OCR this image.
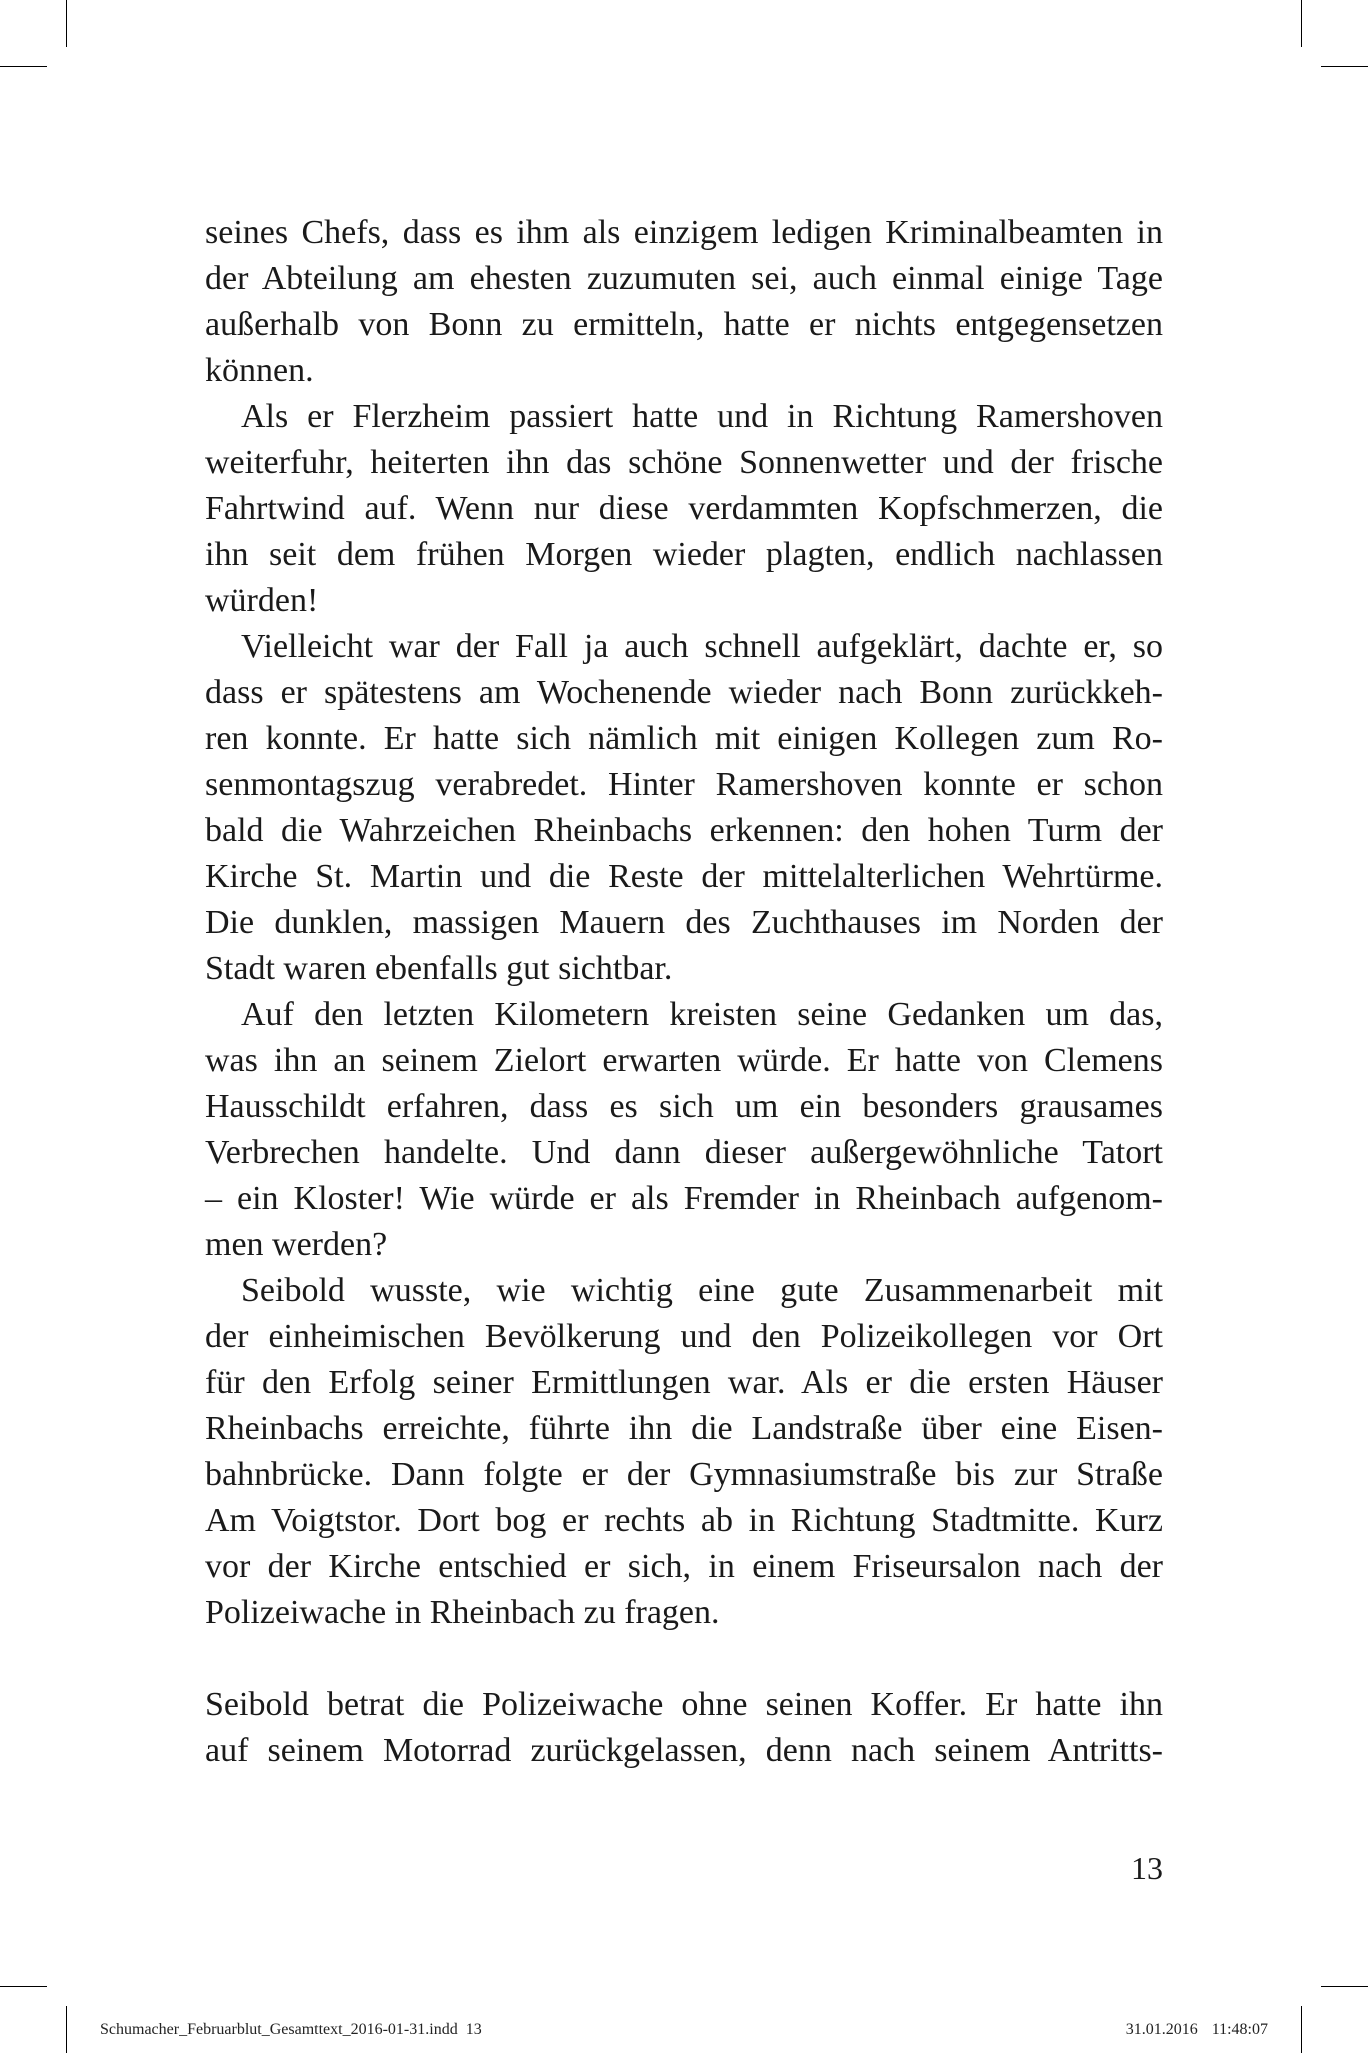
seines Chefs, dass es ihm als einzigem ledigen Kriminalbeamten in
der Abteilung am ehesten zuzumuten sei, auch einmal einige Tage
außerhalb von Bonn zu ermitteln, hatte er nichts entgegensetzen
können.
Als er Flerzheim passiert hatte und in Richtung Ramershoven
weiterfuhr, heiterten ihn das schöne Sonnenwetter und der frische
Fahrtwind auf. Wenn nur diese verdammten Kopfschmerzen, die
ihn seit dem frühen Morgen wieder plagten, endlich nachlassen
würden!
Vielleicht war der Fall ja auch schnell aufgeklärt, dachte er, so
dass er spätestens am Wochenende wieder nach Bonn zurückkeh-
ren konnte. Er hatte sich nämlich mit einigen Kollegen zum Ro-
senmontagszug verabredet. Hinter Ramershoven konnte er schon
bald die Wahrzeichen Rheinbachs erkennen: den hohen Turm der
Kirche St. Martin und die Reste der mittelalterlichen Wehrtürme.
Die dunklen, massigen Mauern des Zuchthauses im Norden der
Stadt waren ebenfalls gut sichtbar.
Auf den letzten Kilometern kreisten seine Gedanken um das,
was ihn an seinem Zielort erwarten würde. Er hatte von Clemens
Hausschildt erfahren, dass es sich um ein besonders grausames
Verbrechen handelte. Und dann dieser außergewöhnliche Tatort
– ein Kloster! Wie würde er als Fremder in Rheinbach aufgenom-
men werden?
Seibold wusste, wie wichtig eine gute Zusammenarbeit mit
der einheimischen Bevölkerung und den Polizeikollegen vor Ort
für den Erfolg seiner Ermittlungen war. Als er die ersten Häuser
Rheinbachs erreichte, führte ihn die Landstraße über eine Eisen-
bahnbrücke. Dann folgte er der Gymnasiumstraße bis zur Straße
Am Voigtstor. Dort bog er rechts ab in Richtung Stadtmitte. Kurz
vor der Kirche entschied er sich, in einem Friseursalon nach der
Polizeiwache in Rheinbach zu fragen.
Seibold betrat die Polizeiwache ohne seinen Koffer. Er hatte ihn
auf seinem Motorrad zurückgelassen, denn nach seinem Antritts-
13
Schumacher_Februarblut_Gesamttext_2016-01-31.indd 13	31.01.2016 11:48:07
